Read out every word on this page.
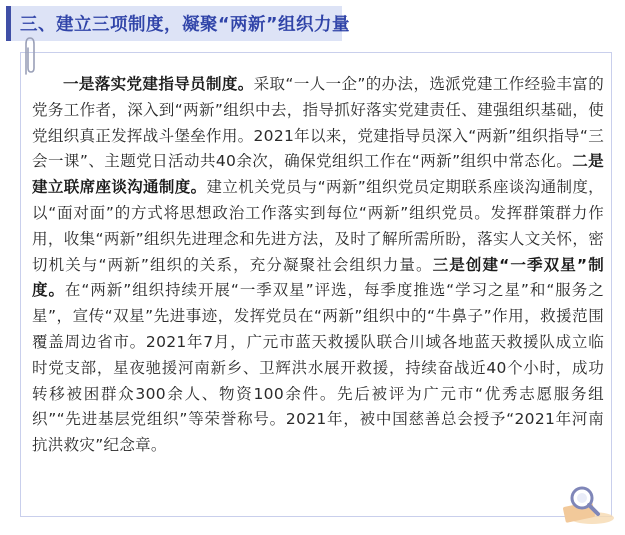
三、建立三项制度，凝聚“两新”组织力量

一是落实党建指导员制度。采取“一人一企”的办法，选派党建工作经验丰富的党务工作者，深入到“两新”组织中去，指导抓好落实党建责任、建强组织基础，使党组织真正发挥战斗堡垒作用。2021年以来，党建指导员深入“两新”组织指导“三会一课”、主题党日活动共40余次，确保党组织工作在“两新”组织中常态化。二是建立联席座谈沟通制度。建立机关党员与“两新”组织党员定期联系座谈沟通制度，以“面对面”的方式将思想政治工作落实到每位“两新”组织党员。发挥群策群力作用，收集“两新”组织先进理念和先进方法，及时了解所需所盼，落实人文关怀，密切机关与“两新”组织的关系，充分凝聚社会组织力量。三是创建“一季双星”制度。在“两新”组织持续开展“一季双星”评选，每季度推选“学习之星”和“服务之星”，宣传“双星”先进事迹，发挥党员在“两新”组织中的“牛鼻子”作用，救援范围覆盖周边省市。2021年7月，广元市蓝天救援队联合川域各地蓝天救援队成立临时党支部，星夜驰援河南新乡、卫辉洪水展开救援，持续奋战近40个小时，成功转移被困群众300余人、物资100余件。先后被评为广元市“优秀志愿服务组织”“先进基层党组织”等荣誉称号。2021年，被中国慈善总会授予“2021年河南抗洪救灾”纪念章。
